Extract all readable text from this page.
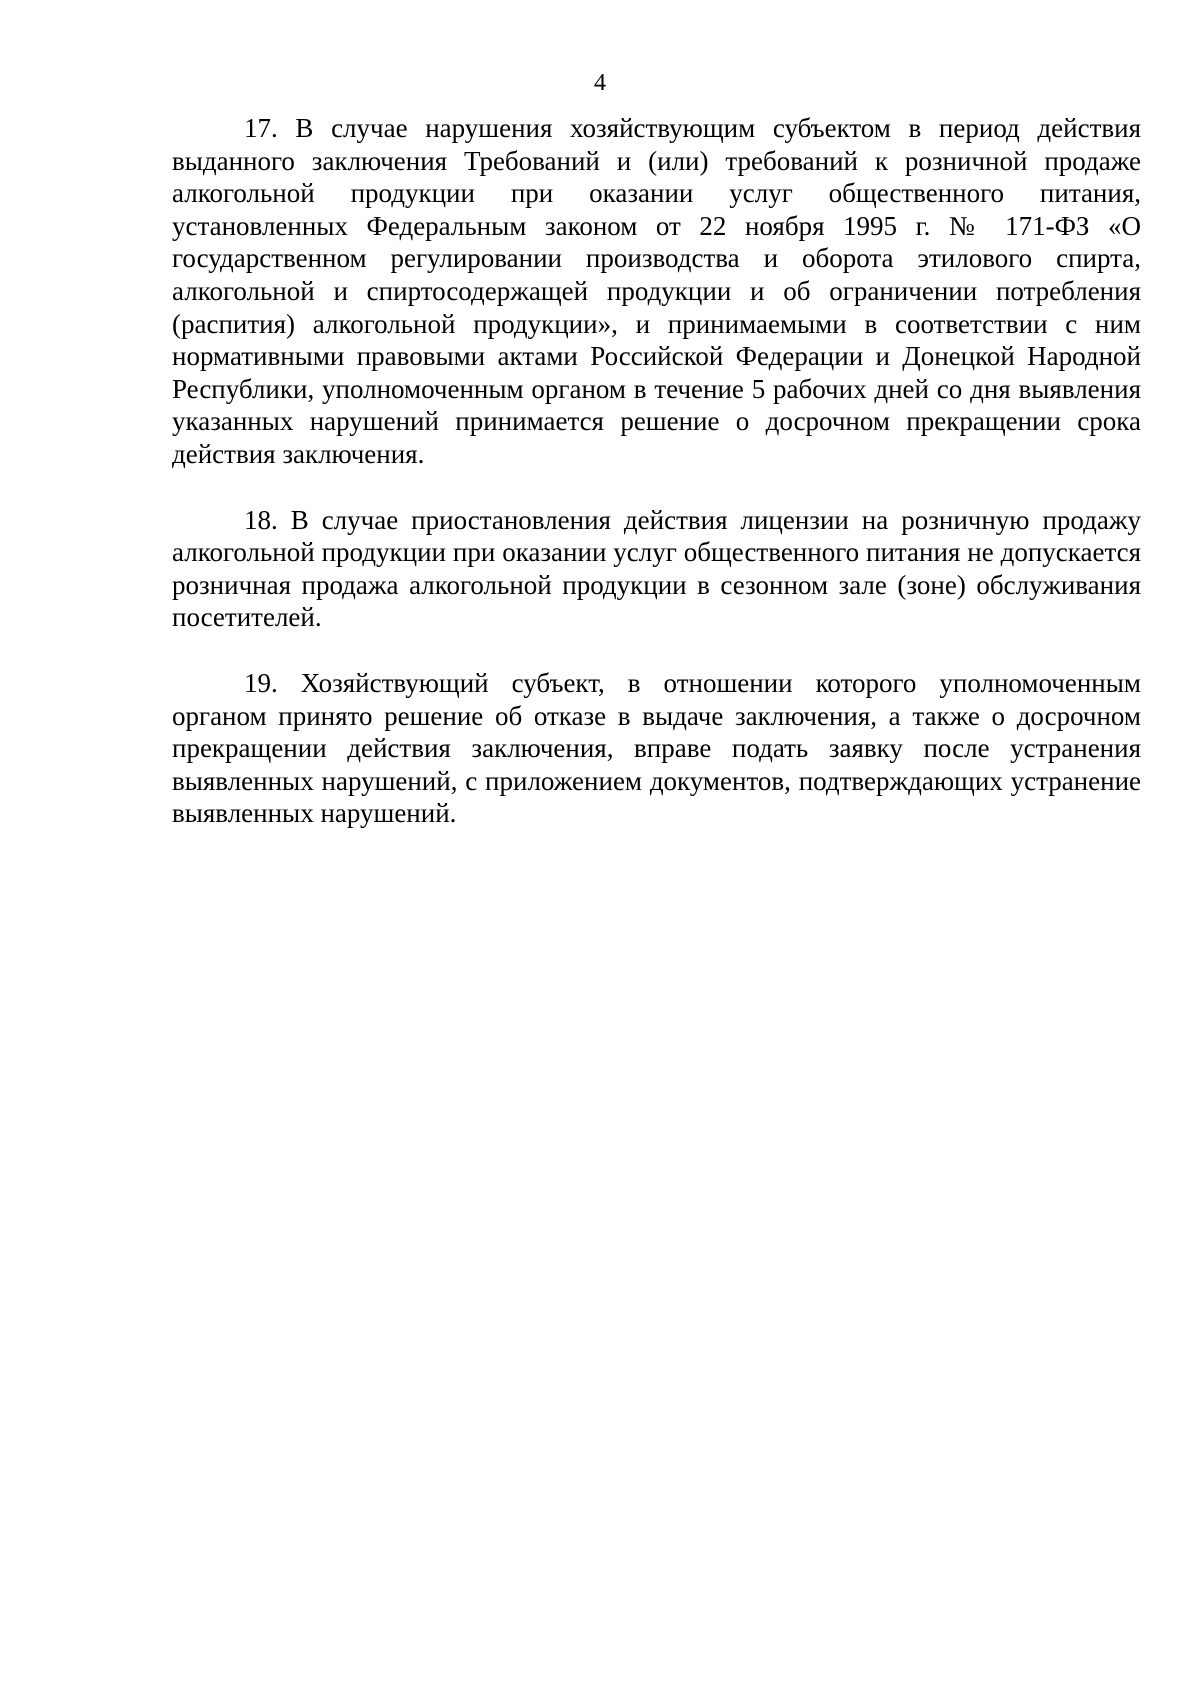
4

17. В случае нарушения хозяйствующим субъектом в период действия выданного заключения Требований и (или) требований к розничной продаже алкогольной продукции при оказании услуг общественного питания, установленных Федеральным законом от 22 ноября 1995 г. № 171-ФЗ «О государственном регулировании производства и оборота этилового спирта, алкогольной и спиртосодержащей продукции и об ограничении потребления (распития) алкогольной продукции», и принимаемыми в соответствии с ним нормативными правовыми актами Российской Федерации и Донецкой Народной Республики, уполномоченным органом в течение 5 рабочих дней со дня выявления указанных нарушений принимается решение о досрочном прекращении срока действия заключения.

18. В случае приостановления действия лицензии на розничную продажу алкогольной продукции при оказании услуг общественного питания не допускается розничная продажа алкогольной продукции в сезонном зале (зоне) обслуживания посетителей.

19. Хозяйствующий субъект, в отношении которого уполномоченным органом принято решение об отказе в выдаче заключения, а также о досрочном прекращении действия заключения, вправе подать заявку после устранения выявленных нарушений, с приложением документов, подтверждающих устранение выявленных нарушений.
